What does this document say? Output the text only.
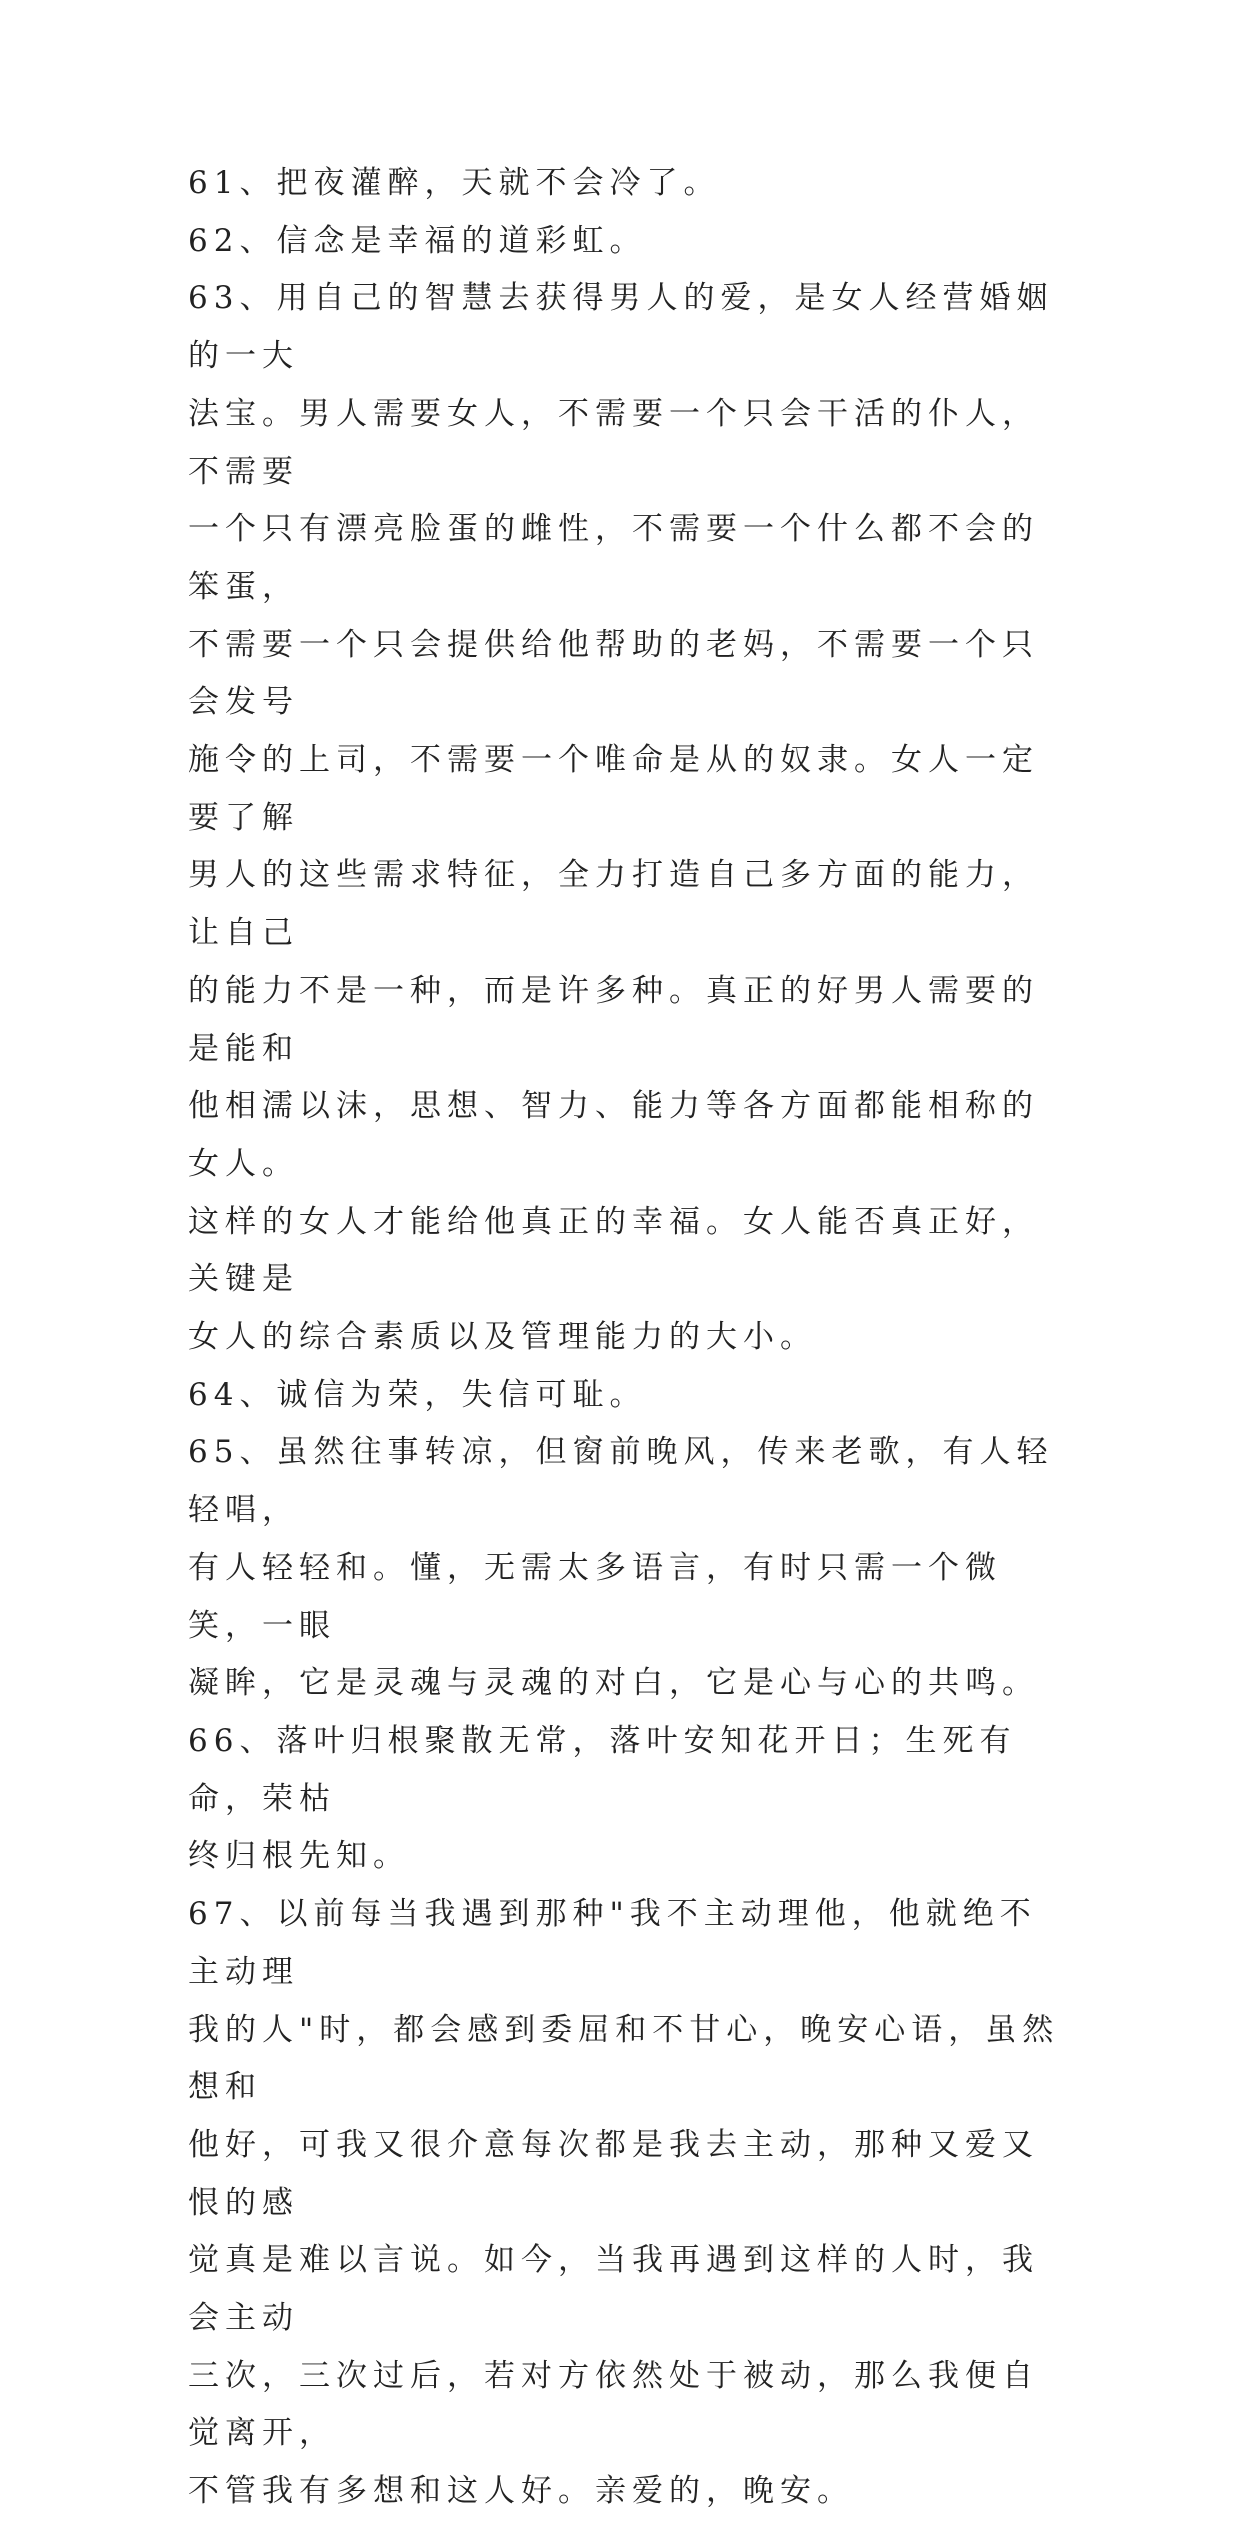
61、把夜灌醉，天就不会冷了。

62、信念是幸福的道彩虹。

63、用自己的智慧去获得男人的爱，是女人经营婚姻的一大
法宝。男人需要女人，不需要一个只会干活的仆人，不需要
一个只有漂亮脸蛋的雌性，不需要一个什么都不会的笨蛋，
不需要一个只会提供给他帮助的老妈，不需要一个只会发号
施令的上司，不需要一个唯命是从的奴隶。女人一定要了解
男人的这些需求特征，全力打造自己多方面的能力，让自己
的能力不是一种，而是许多种。真正的好男人需要的是能和
他相濡以沫，思想、智力、能力等各方面都能相称的女人。
这样的女人才能给他真正的幸福。女人能否真正好，关键是
女人的综合素质以及管理能力的大小。

64、诚信为荣，失信可耻。

65、虽然往事转凉，但窗前晚风，传来老歌，有人轻轻唱，
有人轻轻和。懂，无需太多语言，有时只需一个微笑，一眼
凝眸，它是灵魂与灵魂的对白，它是心与心的共鸣。

66、落叶归根聚散无常，落叶安知花开日；生死有命，荣枯
终归根先知。

67、以前每当我遇到那种"我不主动理他，他就绝不主动理
我的人"时，都会感到委屈和不甘心，晚安心语，虽然想和
他好，可我又很介意每次都是我去主动，那种又爱又恨的感
觉真是难以言说。如今，当我再遇到这样的人时，我会主动
三次，三次过后，若对方依然处于被动，那么我便自觉离开，
不管我有多想和这人好。亲爱的，晚安。
